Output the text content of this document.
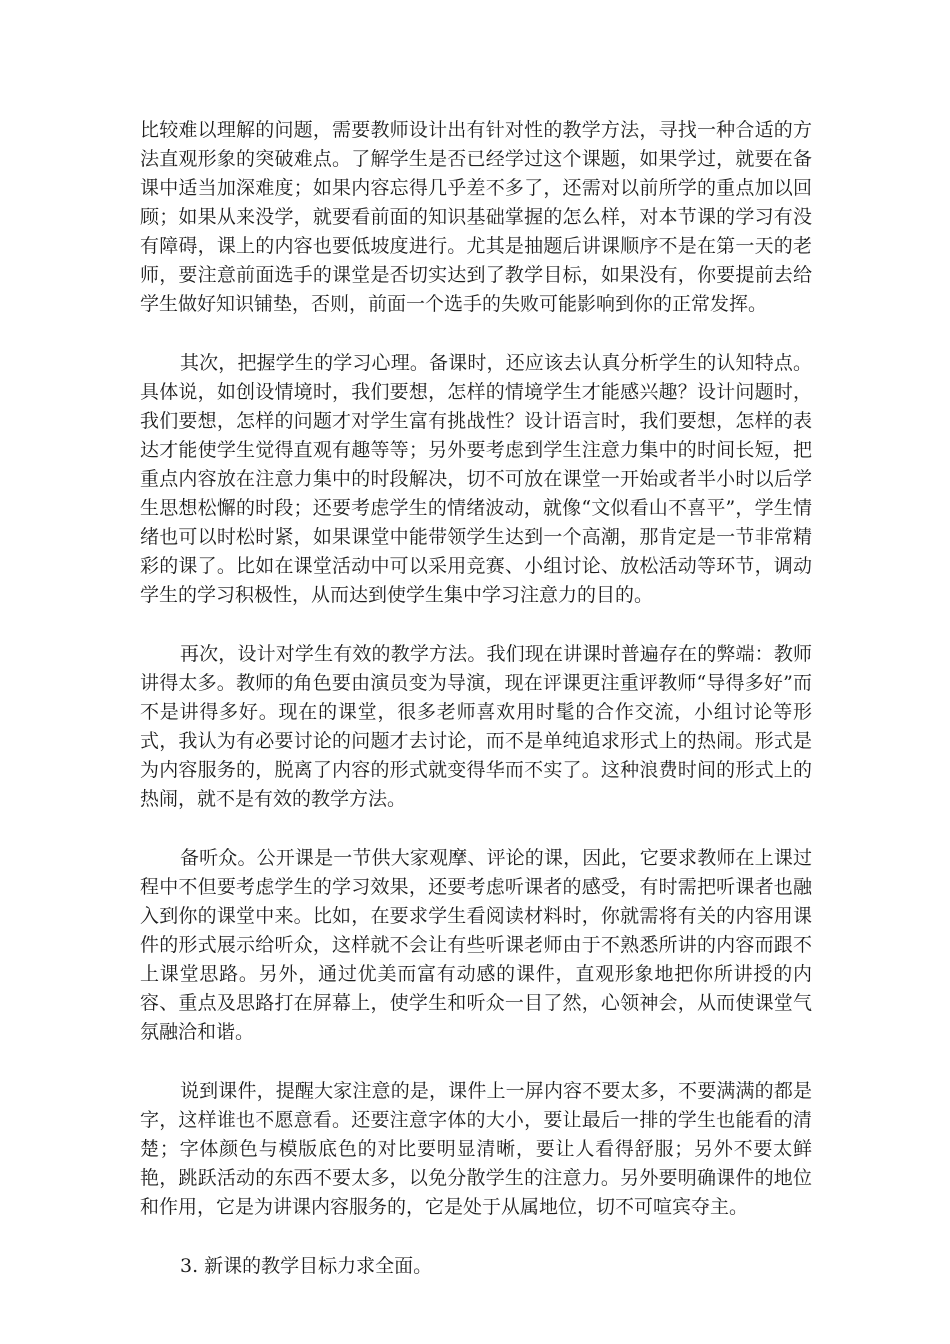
比较难以理解的问题，需要教师设计出有针对性的教学方法，寻找一种合适的方法直观形象的突破难点。了解学生是否已经学过这个课题，如果学过，就要在备课中适当加深难度；如果内容忘得几乎差不多了，还需对以前所学的重点加以回顾；如果从来没学，就要看前面的知识基础掌握的怎么样，对本节课的学习有没有障碍，课上的内容也要低坡度进行。尤其是抽题后讲课顺序不是在第一天的老师，要注意前面选手的课堂是否切实达到了教学目标，如果没有，你要提前去给学生做好知识铺垫，否则，前面一个选手的失败可能影响到你的正常发挥。

其次，把握学生的学习心理。备课时，还应该去认真分析学生的认知特点。具体说，如创设情境时，我们要想，怎样的情境学生才能感兴趣？设计问题时，我们要想，怎样的问题才对学生富有挑战性？设计语言时，我们要想，怎样的表达才能使学生觉得直观有趣等等；另外要考虑到学生注意力集中的时间长短，把重点内容放在注意力集中的时段解决，切不可放在课堂一开始或者半小时以后学生思想松懈的时段；还要考虑学生的情绪波动，就像“文似看山不喜平”，学生情绪也可以时松时紧，如果课堂中能带领学生达到一个高潮，那肯定是一节非常精彩的课了。比如在课堂活动中可以采用竞赛、小组讨论、放松活动等环节，调动学生的学习积极性，从而达到使学生集中学习注意力的目的。

再次，设计对学生有效的教学方法。我们现在讲课时普遍存在的弊端：教师讲得太多。教师的角色要由演员变为导演，现在评课更注重评教师“导得多好”而不是讲得多好。现在的课堂，很多老师喜欢用时髦的合作交流，小组讨论等形式，我认为有必要讨论的问题才去讨论，而不是单纯追求形式上的热闹。形式是为内容服务的，脱离了内容的形式就变得华而不实了。这种浪费时间的形式上的热闹，就不是有效的教学方法。

备听众。公开课是一节供大家观摩、评论的课，因此，它要求教师在上课过程中不但要考虑学生的学习效果，还要考虑听课者的感受，有时需把听课者也融入到你的课堂中来。比如，在要求学生看阅读材料时，你就需将有关的内容用课件的形式展示给听众，这样就不会让有些听课老师由于不熟悉所讲的内容而跟不上课堂思路。另外，通过优美而富有动感的课件，直观形象地把你所讲授的内容、重点及思路打在屏幕上，使学生和听众一目了然，心领神会，从而使课堂气氛融洽和谐。

说到课件，提醒大家注意的是，课件上一屏内容不要太多，不要满满的都是字，这样谁也不愿意看。还要注意字体的大小，要让最后一排的学生也能看的清楚；字体颜色与模版底色的对比要明显清晰，要让人看得舒服；另外不要太鲜艳，跳跃活动的东西不要太多，以免分散学生的注意力。另外要明确课件的地位和作用，它是为讲课内容服务的，它是处于从属地位，切不可喧宾夺主。

3. 新课的教学目标力求全面。
